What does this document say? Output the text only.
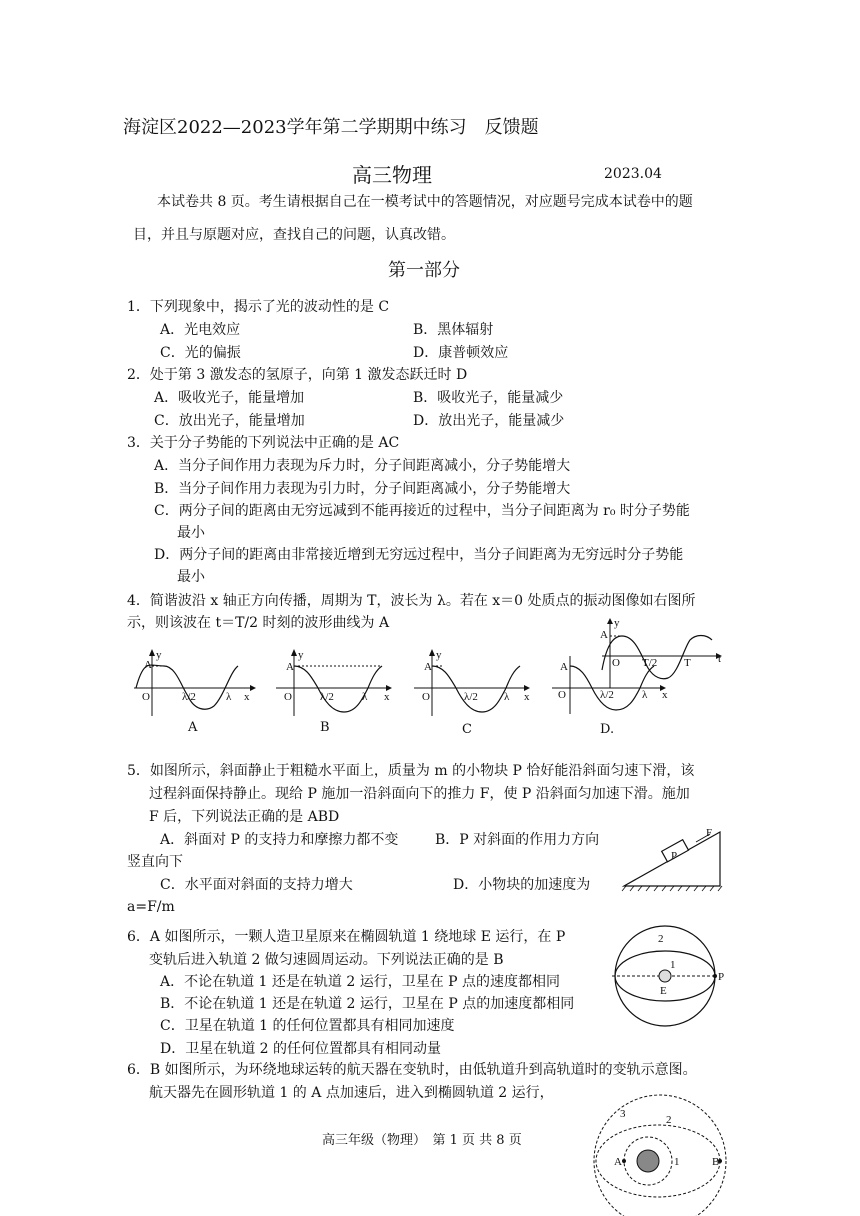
海淀区2022—2023学年第二学期期中练习　反馈题
高三物理	2023.04
本试卷共 8 页。考生请根据自己在一模考试中的答题情况，对应题号完成本试卷中的题
目，并且与原题对应，查找自己的问题，认真改错。
第一部分
1．下列现象中，揭示了光的波动性的是 C
A．光电效应	B．黑体辐射
C．光的偏振	D．康普顿效应
2．处于第 3 激发态的氢原子，向第 1 激发态跃迁时 D
A．吸收光子，能量增加	B．吸收光子，能量减少
C．放出光子，能量增加	D．放出光子，能量减少
3．关于分子势能的下列说法中正确的是 AC
A．当分子间作用力表现为斥力时，分子间距离减小，分子势能增大
B．当分子间作用力表现为引力时，分子间距离减小，分子势能增大
C．两分子间的距离由无穷远减到不能再接近的过程中，当分子间距离为 r₀ 时分子势能
最小
D．两分子间的距离由非常接近增到无穷远过程中，当分子间距离为无穷远时分子势能
最小
4．简谐波沿 x 轴正方向传播，周期为 T，波长为 λ。若在 x＝0 处质点的振动图像如右图所
示，则该波在 t＝T/2 时刻的波形曲线为 A
y
A
O	λ/2	λ x
A
y
A
O	λ/2	λ x
B
y
A
O	λ/2 λ x
C
y
A
O T/2 T t
A
O	λ/2	λ x
D.
5．如图所示，斜面静止于粗糙水平面上，质量为 m 的小物块 P 恰好能沿斜面匀速下滑，该
过程斜面保持静止。现给 P 施加一沿斜面向下的推力 F，使 P 沿斜面匀加速下滑。施加
F 后，下列说法正确的是 ABD
A．斜面对 P 的支持力和摩擦力都不变	B．P 对斜面的作用力方向
竖直向下
C．水平面对斜面的支持力增大	D．小物块的加速度为
a=F/m
P
F
6．A 如图所示，一颗人造卫星原来在椭圆轨道 1 绕地球 E 运行，在 P
变轨后进入轨道 2 做匀速圆周运动。下列说法正确的是 B
A．不论在轨道 1 还是在轨道 2 运行，卫星在 P 点的速度都相同
B．不论在轨道 1 还是在轨道 2 运行，卫星在 P 点的加速度都相同
C．卫星在轨道 1 的任何位置都具有相同加速度
D．卫星在轨道 2 的任何位置都具有相同动量
2
1
E
P
6．B 如图所示，为环绕地球运转的航天器在变轨时，由低轨道升到高轨道时的变轨示意图。
航天器先在圆形轨道 1 的 A 点加速后，进入到椭圆轨道 2 运行，
3	2
1
A	B
高三年级（物理）　第 1 页 共 8 页
